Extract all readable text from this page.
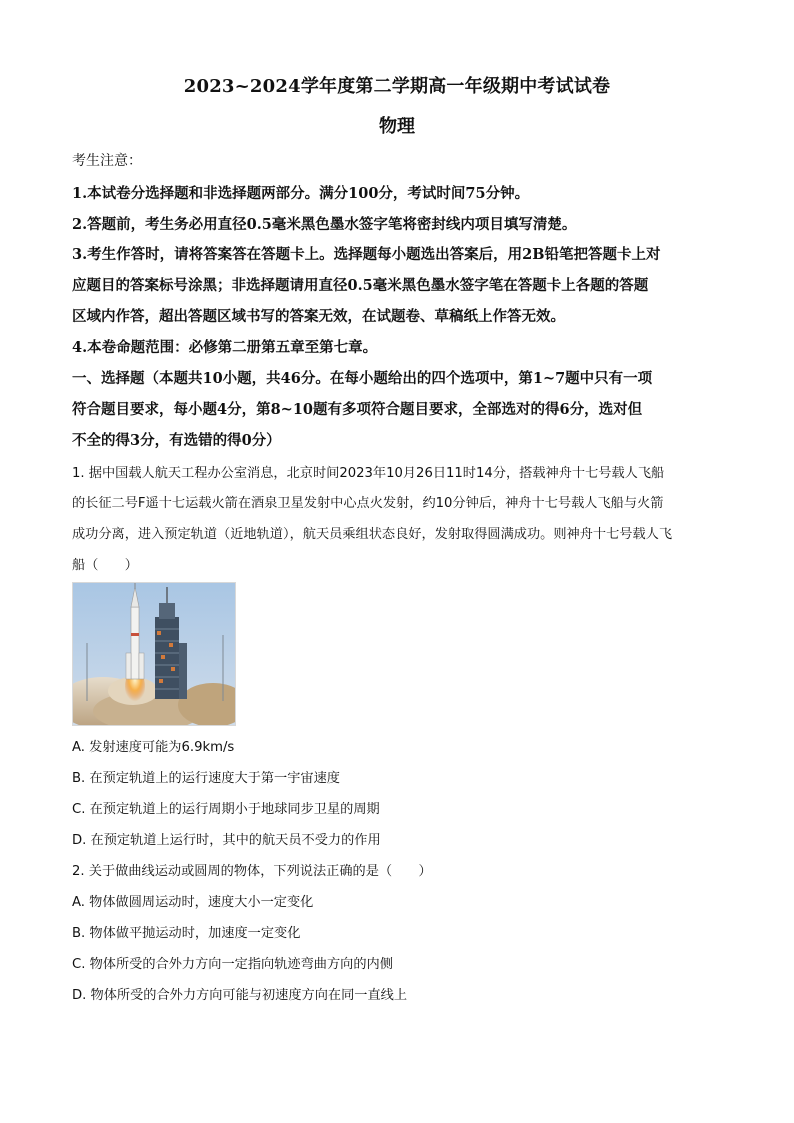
2023~2024学年度第二学期高一年级期中考试试卷
物理
考生注意：
1.本试卷分选择题和非选择题两部分。满分100分，考试时间75分钟。
2.答题前，考生务必用直径0.5毫米黑色墨水签字笔将密封线内项目填写清楚。
3.考生作答时，请将答案答在答题卡上。选择题每小题选出答案后，用2B铅笔把答题卡上对
应题目的答案标号涂黑；非选择题请用直径0.5毫米黑色墨水签字笔在答题卡上各题的答题
区域内作答，超出答题区域书写的答案无效，在试题卷、草稿纸上作答无效。
4.本卷命题范围：必修第二册第五章至第七章。
一、选择题（本题共10小题，共46分。在每小题给出的四个选项中，第1~7题中只有一项
符合题目要求，每小题4分，第8~10题有多项符合题目要求，全部选对的得6分，选对但
不全的得3分，有选错的得0分）
1. 据中国载人航天工程办公室消息，北京时间2023年10月26日11时14分，搭载神舟十七号载人飞船
的长征二号F遥十七运载火箭在酒泉卫星发射中心点火发射，约10分钟后，神舟十七号载人飞船与火箭
成功分离，进入预定轨道（近地轨道），航天员乘组状态良好，发射取得圆满成功。则神舟十七号载人飞
船（　　）
A. 发射速度可能为6.9km/s
B. 在预定轨道上的运行速度大于第一宇宙速度
C. 在预定轨道上的运行周期小于地球同步卫星的周期
D. 在预定轨道上运行时，其中的航天员不受力的作用
2. 关于做曲线运动或圆周的物体，下列说法正确的是（　　）
A. 物体做圆周运动时，速度大小一定变化
B. 物体做平抛运动时，加速度一定变化
C. 物体所受的合外力方向一定指向轨迹弯曲方向的内侧
D. 物体所受的合外力方向可能与初速度方向在同一直线上
